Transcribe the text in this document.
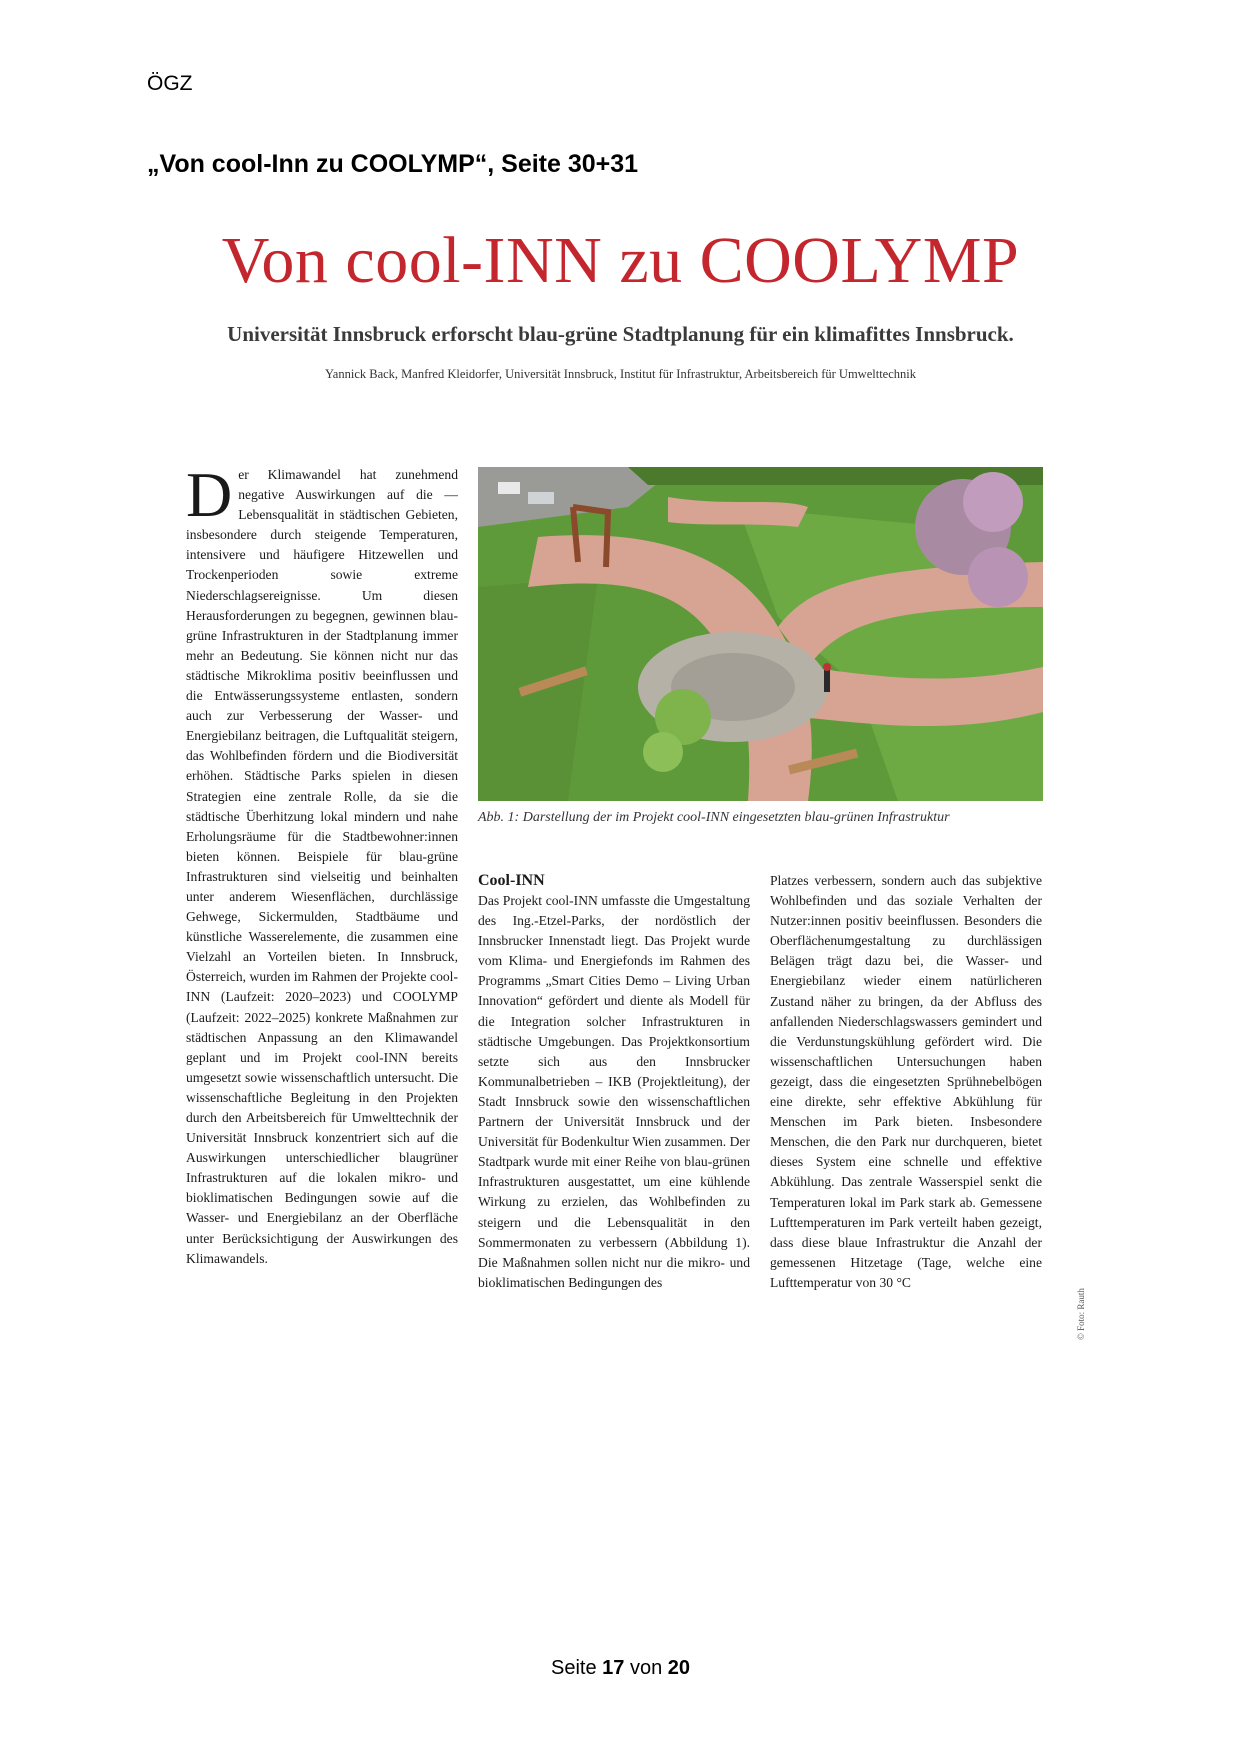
ÖGZ
„Von cool-Inn zu COOLYMP“, Seite 30+31
Von cool-INN zu COOLYMP
Universität Innsbruck erforscht blau-grüne Stadtplanung für ein klimafittes Innsbruck.
Yannick Back, Manfred Kleidorfer, Universität Innsbruck, Institut für Infrastruktur, Arbeitsbereich für Umwelttechnik
D er Klimawandel hat zunehmend negative Auswirkungen auf die — Lebensqualität in städtischen Gebieten, insbesondere durch steigende Temperaturen, intensivere und häufigere Hitzewellen und Trockenperioden sowie extreme Niederschlagsereignisse. Um diesen Herausforderungen zu begegnen, gewinnen blau-grüne Infrastrukturen in der Stadtplanung immer mehr an Bedeutung. Sie können nicht nur das städtische Mikroklima positiv beeinflussen und die Entwässerungssysteme entlasten, sondern auch zur Verbesserung der Wasser- und Energiebilanz beitragen, die Luftqualität steigern, das Wohlbefinden fördern und die Biodiversität erhöhen. Städtische Parks spielen in diesen Strategien eine zentrale Rolle, da sie die städtische Überhitzung lokal mindern und nahe Erholungsräume für die Stadtbewohner:innen bieten können. Beispiele für blau-grüne Infrastrukturen sind vielseitig und beinhalten unter anderem Wiesenflächen, durchlässige Gehwege, Sickermulden, Stadtbäume und künstliche Wasserelemente, die zusammen eine Vielzahl an Vorteilen bieten. In Innsbruck, Österreich, wurden im Rahmen der Projekte cool-INN (Laufzeit: 2020–2023) und COOLYMP (Laufzeit: 2022–2025) konkrete Maßnahmen zur städtischen Anpassung an den Klimawandel geplant und im Projekt cool-INN bereits umgesetzt sowie wissenschaftlich untersucht. Die wissenschaftliche Begleitung in den Projekten durch den Arbeitsbereich für Umwelttechnik der Universität Innsbruck konzentriert sich auf die Auswirkungen unterschiedlicher blaugrüner Infrastrukturen auf die lokalen mikro- und bioklimatischen Bedingungen sowie auf die Wasser- und Energiebilanz an der Oberfläche unter Berücksichtigung der Auswirkungen des Klimawandels.

Abb. 1: Darstellung der im Projekt cool-INN eingesetzten blau-grünen Infrastruktur
Cool-INN

Das Projekt cool-INN umfasste die Umgestaltung des Ing.-Etzel-Parks, der nordöstlich der Innsbrucker Innenstadt liegt. Das Projekt wurde vom Klima- und Energiefonds im Rahmen des Programms „Smart Cities Demo – Living Urban Innovation“ gefördert und diente als Modell für die Integration solcher Infrastrukturen in städtische Umgebungen. Das Projektkonsortium setzte sich aus den Innsbrucker Kommunalbetrieben – IKB (Projektleitung), der Stadt Innsbruck sowie den wissenschaftlichen Partnern der Universität Innsbruck und der Universität für Bodenkultur Wien zusammen. Der Stadtpark wurde mit einer Reihe von blau-grünen Infrastrukturen ausgestattet, um eine kühlende Wirkung zu erzielen, das Wohlbefinden zu steigern und die Lebensqualität in den Sommermonaten zu verbessern (Abbildung 1). Die Maßnahmen sollen nicht nur die mikro- und bioklimatischen Bedingungen des

Platzes verbessern, sondern auch das subjektive Wohlbefinden und das soziale Verhalten der Nutzer:innen positiv beeinflussen. Besonders die Oberflächenumgestaltung zu durchlässigen Belägen trägt dazu bei, die Wasser- und Energiebilanz wieder einem natürlicheren Zustand näher zu bringen, da der Abfluss des anfallenden Niederschlagswassers gemindert und die Verdunstungskühlung gefördert wird. Die wissenschaftlichen Untersuchungen haben gezeigt, dass die eingesetzten Sprühnebelbögen eine direkte, sehr effektive Abkühlung für Menschen im Park bieten. Insbesondere Menschen, die den Park nur durchqueren, bietet dieses System eine schnelle und effektive Abkühlung. Das zentrale Wasserspiel senkt die Temperaturen lokal im Park stark ab. Gemessene Lufttemperaturen im Park verteilt haben gezeigt, dass diese blaue Infrastruktur die Anzahl der gemessenen Hitzetage (Tage, welche eine Lufttemperatur von 30 °C

© Foto: Rauth
Seite 17 von 20
